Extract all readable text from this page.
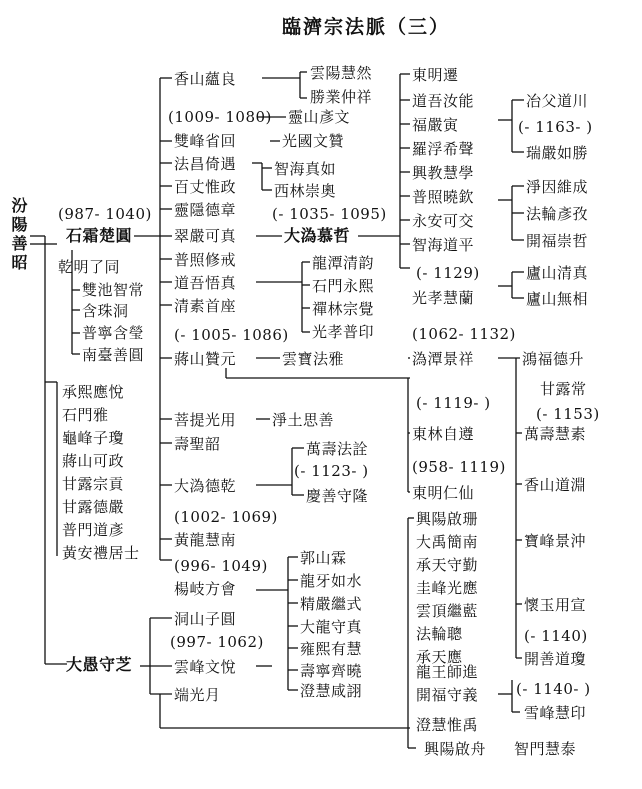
臨濟宗法脈（三）
汾陽善昭
(987- 1040)
石霜楚圓
乾明了同
雙池智常
含珠洞
普寧含瑩
南臺善圓
承熙應悅
石門雅
龜峰子瓊
蔣山可政
甘露宗貢
甘露德嚴
普門道彥
黃安禮居士
大愚守芝
香山蘊良
(1009- 1080)
雙峰省回
法昌倚遇
百丈惟政
靈隱德章
翠嚴可真
普照修戒
道吾悟真
清素首座
(- 1005- 1086)
蔣山贊元
菩提光用
壽聖韶
大溈德乾
(1002- 1069)
黃龍慧南
(996- 1049)
楊岐方會
洞山子圓
(997- 1062)
雲峰文悅
端光月
雲陽慧然
勝業仲祥
靈山彥文
光國文贊
智海真如
西林崇奧
(- 1035- 1095)
大溈慕哲
龍潭清韵
石門永熙
禪林宗覺
光孝普印
雲寶法雅
淨土思善
萬壽法詮
(- 1123- )
慶善守隆
郭山霖
龍牙如水
精嚴繼式
大龍守真
雍熙有慧
壽寧齊曉
澄慧咸詡
東明遷
道吾汝能
福嚴寅
羅浮希聲
興教慧學
普照曉欽
永安可交
智海道平
(- 1129)
光孝慧蘭
(1062- 1132)
溈潭景祥
(- 1119- )
東林自遵
(958- 1119)
東明仁仙
興陽啟珊
大禹簡南
承天守勤
圭峰光應
雲頂繼藍
法輪聰
承天應
龍王師進
開福守義
澄慧惟禹
興陽啟舟 智門慧泰
冶父道川
(- 1163- )
瑞嚴如勝
淨因維成
法輪彥孜
開福崇哲
廬山清真
廬山無相
鴻福德升
甘露常
(- 1153)
萬壽慧素
香山道淵
寶峰景沖
懷玉用宣
(- 1140)
開善道瓊
(- 1140- )
雪峰慧印
